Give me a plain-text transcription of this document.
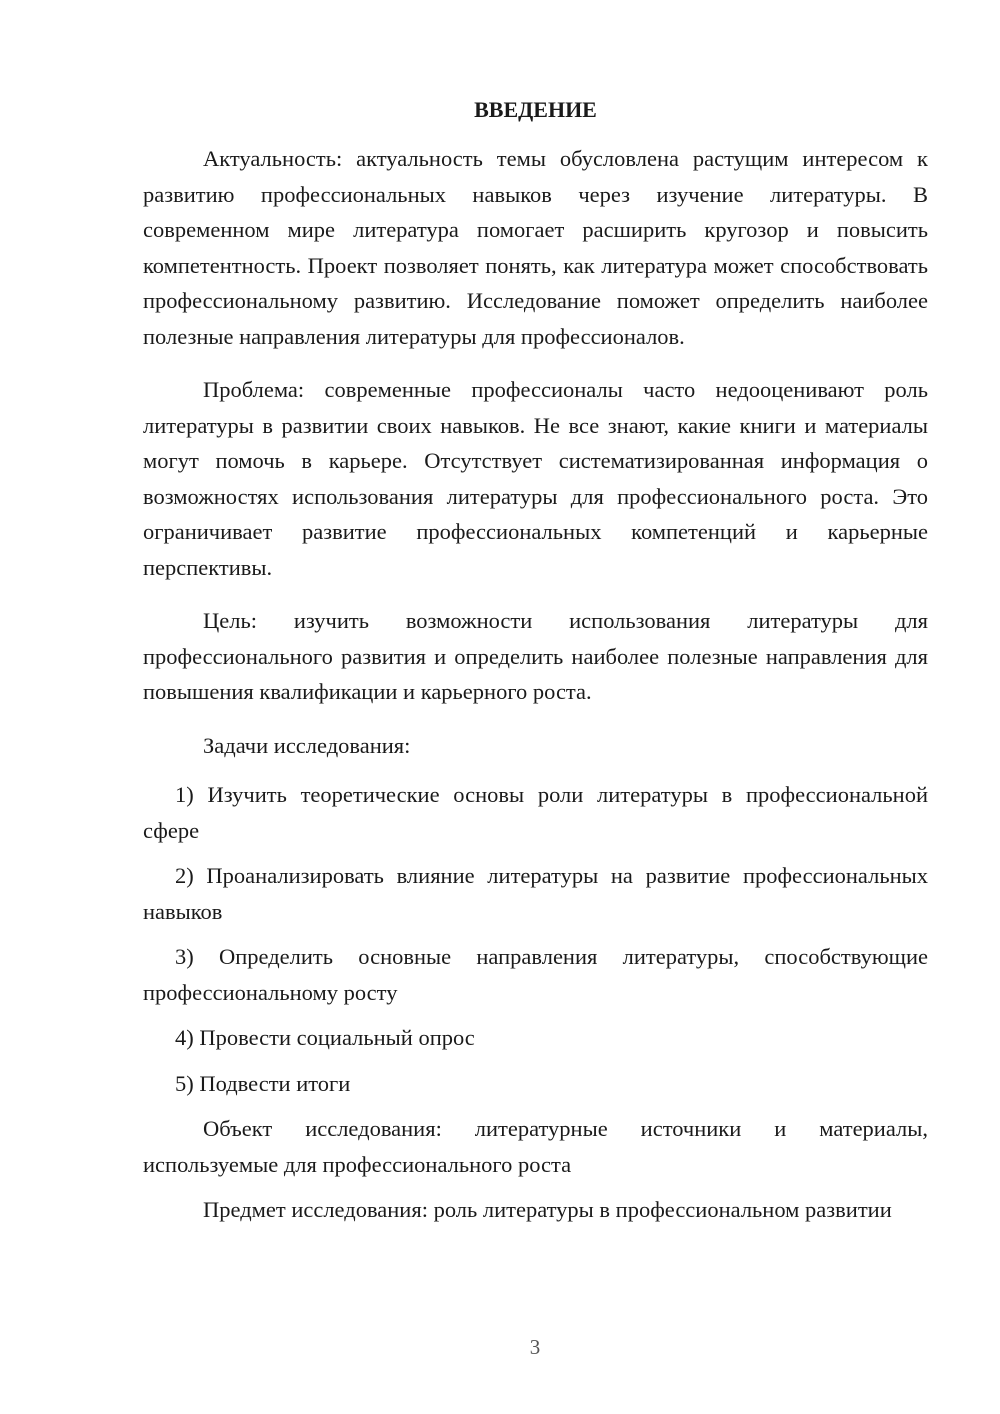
ВВЕДЕНИЕ

Актуальность: актуальность темы обусловлена растущим интересом к развитию профессиональных навыков через изучение литературы. В современном мире литература помогает расширить кругозор и повысить компетентность. Проект позволяет понять, как литература может способствовать профессиональному развитию. Исследование поможет определить наиболее полезные направления литературы для профессионалов.

Проблема: современные профессионалы часто недооценивают роль литературы в развитии своих навыков. Не все знают, какие книги и материалы могут помочь в карьере. Отсутствует систематизированная информация о возможностях использования литературы для профессионального роста. Это ограничивает развитие профессиональных компетенций и карьерные перспективы.

Цель: изучить возможности использования литературы для профессионального развития и определить наиболее полезные направления для повышения квалификации и карьерного роста.

Задачи исследования:

1) Изучить теоретические основы роли литературы в профессиональной сфере

2) Проанализировать влияние литературы на развитие профессиональных навыков

3) Определить основные направления литературы, способствующие профессиональному росту

4) Провести социальный опрос

5) Подвести итоги

Объект исследования: литературные источники и материалы, используемые для профессионального роста

Предмет исследования: роль литературы в профессиональном развитии

3
